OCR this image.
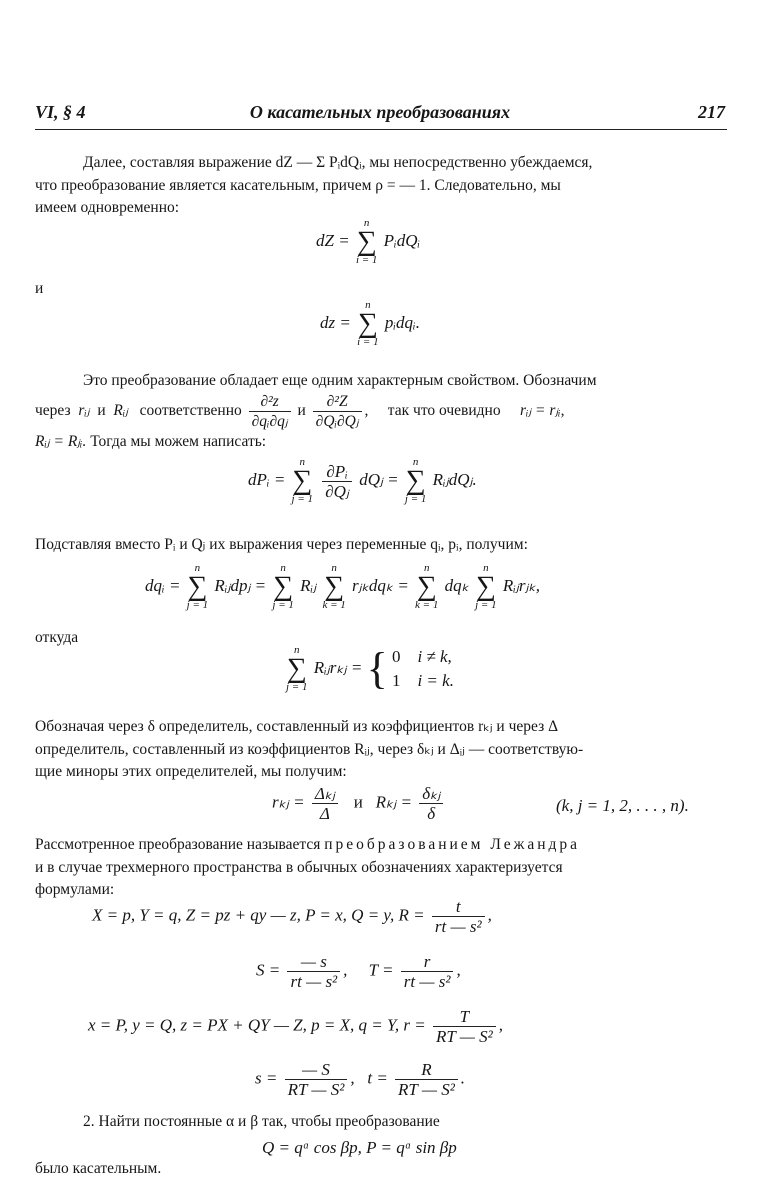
VI, § 4	О касательных преобразованиях	217
Далее, составляя выражение dZ — Σ PᵢdQᵢ, мы непосредственно убеждаемся,
что преобразование является касательным, причем ρ = — 1. Следовательно, мы
имеем одновременно:
dZ =
n
∑
i = 1
PᵢdQᵢ
и
dz =
n
∑
i = 1
pᵢdqᵢ.
Это преобразование обладает еще одним характерным свойством. Обозначим
через rᵢⱼ и Rᵢⱼ соответственно $\frac{\text{∂²z}}{\text{∂qᵢ∂qⱼ}}$ и $\frac{\text{∂²Z}}{\text{∂Qᵢ∂Qⱼ}}$ ,     так что очевидно rᵢⱼ = rⱼᵢ,
Rᵢⱼ = Rⱼᵢ. Тогда мы можем написать:
dPᵢ =
n
∑
j = 1
$\frac{\text{∂Pᵢ}}{\text{∂Qⱼ}}$ dQⱼ =
n
∑
j = 1
RᵢⱼdQⱼ.
Подставляя вместо Pᵢ и Qⱼ их выражения через переменные qᵢ, pᵢ, получим:
dqᵢ =
n
∑
j = 1
Rᵢⱼdpⱼ =
n
∑
j = 1
Rᵢⱼ
n
∑
k = 1
rⱼₖdqₖ =
n
∑
k = 1
dqₖ
n
∑
j = 1
Rᵢⱼrⱼₖ,
откуда
n
∑
j = 1
Rᵢⱼrₖⱼ = { 0 i ≠ k,
1 i = k.
Обозначая через δ определитель, составленный из коэффициентов rₖⱼ и через Δ
определитель, составленный из коэффициентов Rᵢⱼ, через δₖⱼ и Δᵢⱼ — соответствую-
щие миноры этих определителей, мы получим:
rₖⱼ = $\frac{\text{Δₖⱼ}}{\Delta}$ и Rₖⱼ = $\frac{\text{δₖⱼ}}{\delta}$	(k, j = 1, 2, . . . , n).
Рассмотренное преобразование называется преобразованием Лежандра
и в случае трехмерного пространства в обычных обозначениях характеризуется
формулами:
X = p, Y = q, Z = pz + qy — z, P = x, Q = y, $R = \frac{t}{\text{rt — s²}}$ ,
$S = \frac{— s}{\text{rt — s²}}$ ,     $T = \frac{r}{\text{rt — s²}}$ ,
x = P, y = Q, z = PX + QY — Z, p = X, q = Y, $r = \frac{T}{\text{RT — S²}}$ ,
$s = \frac{— S}{\text{RT — S²}}$ ,   $t = \frac{R}{\text{RT — S²}}$ .
2. Найти постоянные α и β так, чтобы преобразование
Q = qᵅ cos βp, P = qᵅ sin βp
было касательным.
